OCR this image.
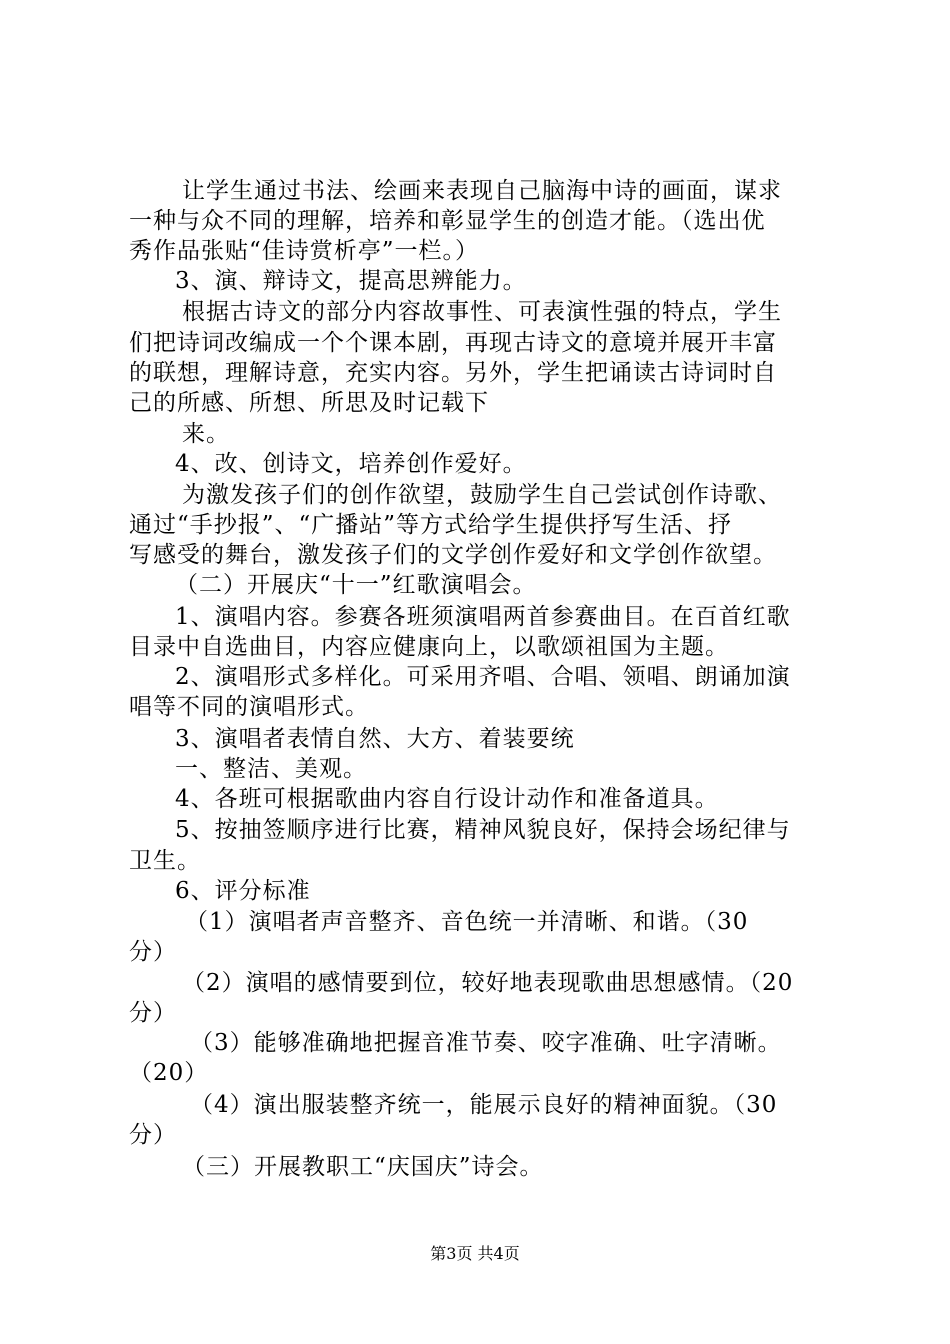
让学生通过书法、绘画来表现自己脑海中诗的画面，谋求
一种与众不同的理解，培养和彰显学生的创造才能。（选出优
秀作品张贴“佳诗赏析亭”一栏。）
3、演、辩诗文，提高思辨能力。
根据古诗文的部分内容故事性、可表演性强的特点，学生
们把诗词改编成一个个课本剧，再现古诗文的意境并展开丰富
的联想，理解诗意，充实内容。另外，学生把诵读古诗词时自
己的所感、所想、所思及时记载下
来。
4、改、创诗文，培养创作爱好。
为激发孩子们的创作欲望，鼓励学生自己尝试创作诗歌、
通过“手抄报”、“广播站”等方式给学生提供抒写生活、抒
写感受的舞台，激发孩子们的文学创作爱好和文学创作欲望。
（二）开展庆“十一”红歌演唱会。
1、演唱内容。参赛各班须演唱两首参赛曲目。在百首红歌
目录中自选曲目，内容应健康向上，以歌颂祖国为主题。
2、演唱形式多样化。可采用齐唱、合唱、领唱、朗诵加演
唱等不同的演唱形式。
3、演唱者表情自然、大方、着装要统
一、整洁、美观。
4、各班可根据歌曲内容自行设计动作和准备道具。
5、按抽签顺序进行比赛，精神风貌良好，保持会场纪律与
卫生。
6、评分标准
（1）演唱者声音整齐、音色统一并清晰、和谐。（30
分）
（2）演唱的感情要到位，较好地表现歌曲思想感情。（20
分）
（3）能够准确地把握音准节奏、咬字准确、吐字清晰。
（20）
（4）演出服装整齐统一，能展示良好的精神面貌。（30
分）
（三）开展教职工“庆国庆”诗会。
第3页 共4页
